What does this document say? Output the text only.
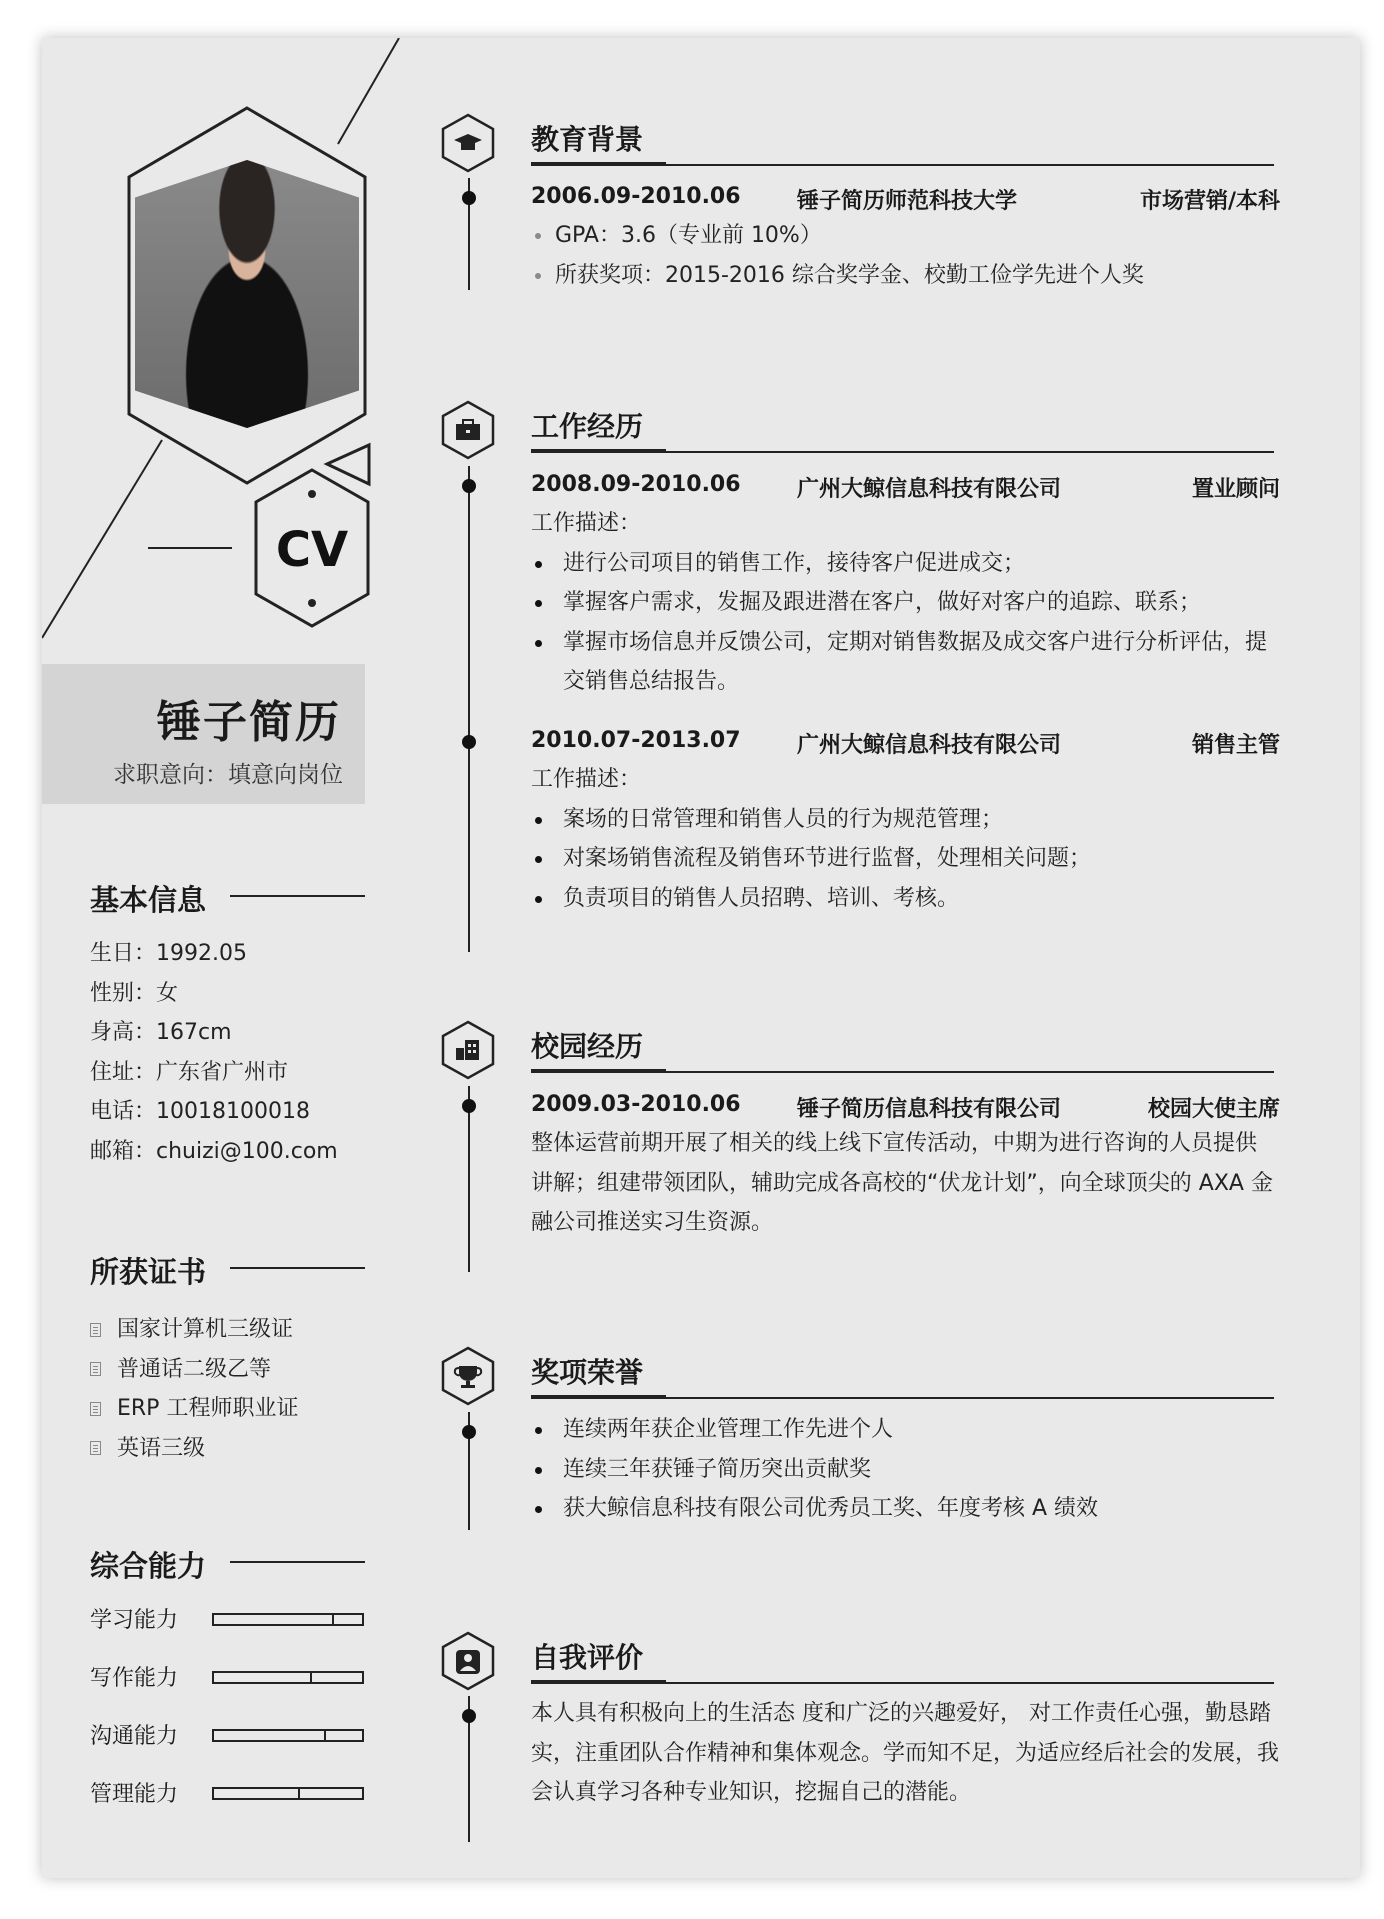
CV
锤子简历
求职意向：填意向岗位
基本信息
生日：1992.05
性别：女
身高：167cm
住址：广东省广州市
电话：10018100018
邮箱：chuizi@100.com
所获证书
国家计算机三级证
普通话二级乙等
ERP 工程师职业证
英语三级
综合能力
学习能力
写作能力
沟通能力
管理能力
教育背景
2006.09-2010.06	锤子简历师范科技大学	市场营销/本科
GPA：3.6（专业前 10%）
所获奖项：2015-2016 综合奖学金、校勤工俭学先进个人奖
工作经历
2008.09-2010.06	广州大鲸信息科技有限公司	置业顾问
工作描述：
进行公司项目的销售工作，接待客户促进成交；
掌握客户需求，发掘及跟进潜在客户，做好对客户的追踪、联系；
掌握市场信息并反馈公司，定期对销售数据及成交客户进行分析评估，提交销售总结报告。
2010.07-2013.07	广州大鲸信息科技有限公司	销售主管
工作描述：
案场的日常管理和销售人员的行为规范管理；
对案场销售流程及销售环节进行监督，处理相关问题；
负责项目的销售人员招聘、培训、考核。
校园经历
2009.03-2010.06	锤子简历信息科技有限公司	校园大使主席
整体运营前期开展了相关的线上线下宣传活动，中期为进行咨询的人员提供讲解；组建带领团队，辅助完成各高校的“伏龙计划”，向全球顶尖的 AXA 金融公司推送实习生资源。
奖项荣誉
连续两年获企业管理工作先进个人
连续三年获锤子简历突出贡献奖
获大鲸信息科技有限公司优秀员工奖、年度考核 A 绩效
自我评价
本人具有积极向上的生活态 度和广泛的兴趣爱好， 对工作责任心强，勤恳踏实，注重团队合作精神和集体观念。学而知不足，为适应经后社会的发展，我会认真学习各种专业知识，挖掘自己的潜能。
